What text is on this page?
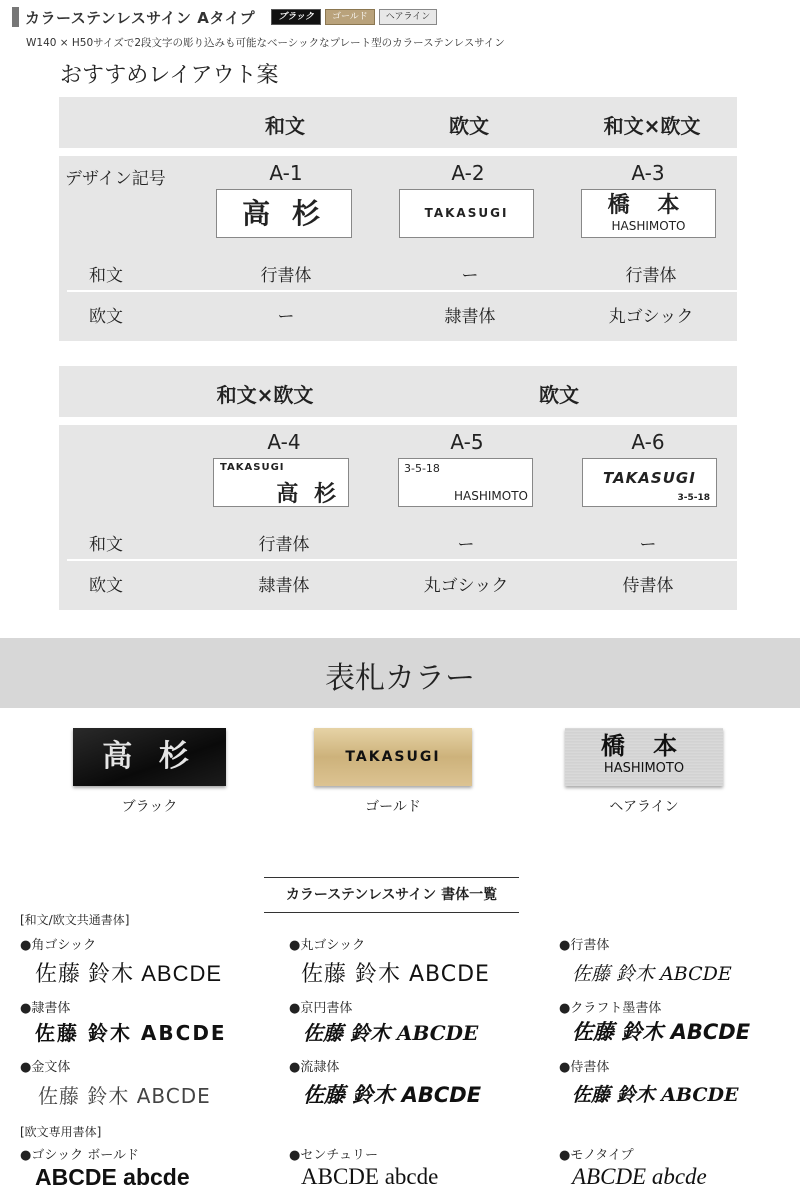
カラーステンレスサイン Aタイプ	ブラック	ゴールド	ヘアライン
W140 × H50サイズで2段文字の彫り込みも可能なベーシックなプレート型のカラーステンレスサイン
おすすめレイアウト案
和文	欧文	和文×欧文
デザイン記号	A-1	A-2	A-3
高 杉	TAKASUGI	橋 本
HASHIMOTO
和文	行書体	ー	行書体
欧文	ー	隷書体	丸ゴシック
和文×欧文	欧文
A-4	A-5	A-6
TAKASUGI
高 杉
3-5-18
HASHIMOTO
TAKASUGI
3-5-18
和文	行書体	ー	ー
欧文	隷書体	丸ゴシック	侍書体
表札カラー
高 杉
ブラック
TAKASUGI
ゴールド
橋 本
HASHIMOTO
ヘアライン
カラーステンレスサイン 書体一覧
[和文/欧文共通書体]
●角ゴシック
佐藤 鈴木 ABCDE
●丸ゴシック
佐藤 鈴木 ABCDE
●行書体
佐藤 鈴木 ABCDE
●隷書体
佐藤 鈴木 ABCDE
●京円書体
佐藤 鈴木 ABCDE
●クラフト墨書体
佐藤 鈴木 ABCDE
●金文体
佐藤 鈴木 ABCDE
●流隷体
佐藤 鈴木 ABCDE
●侍書体
佐藤 鈴木 ABCDE
[欧文専用書体]
●ゴシック ボールド
ABCDE abcde
●センチュリー
ABCDE abcde
●モノタイプ
ABCDE abcde
